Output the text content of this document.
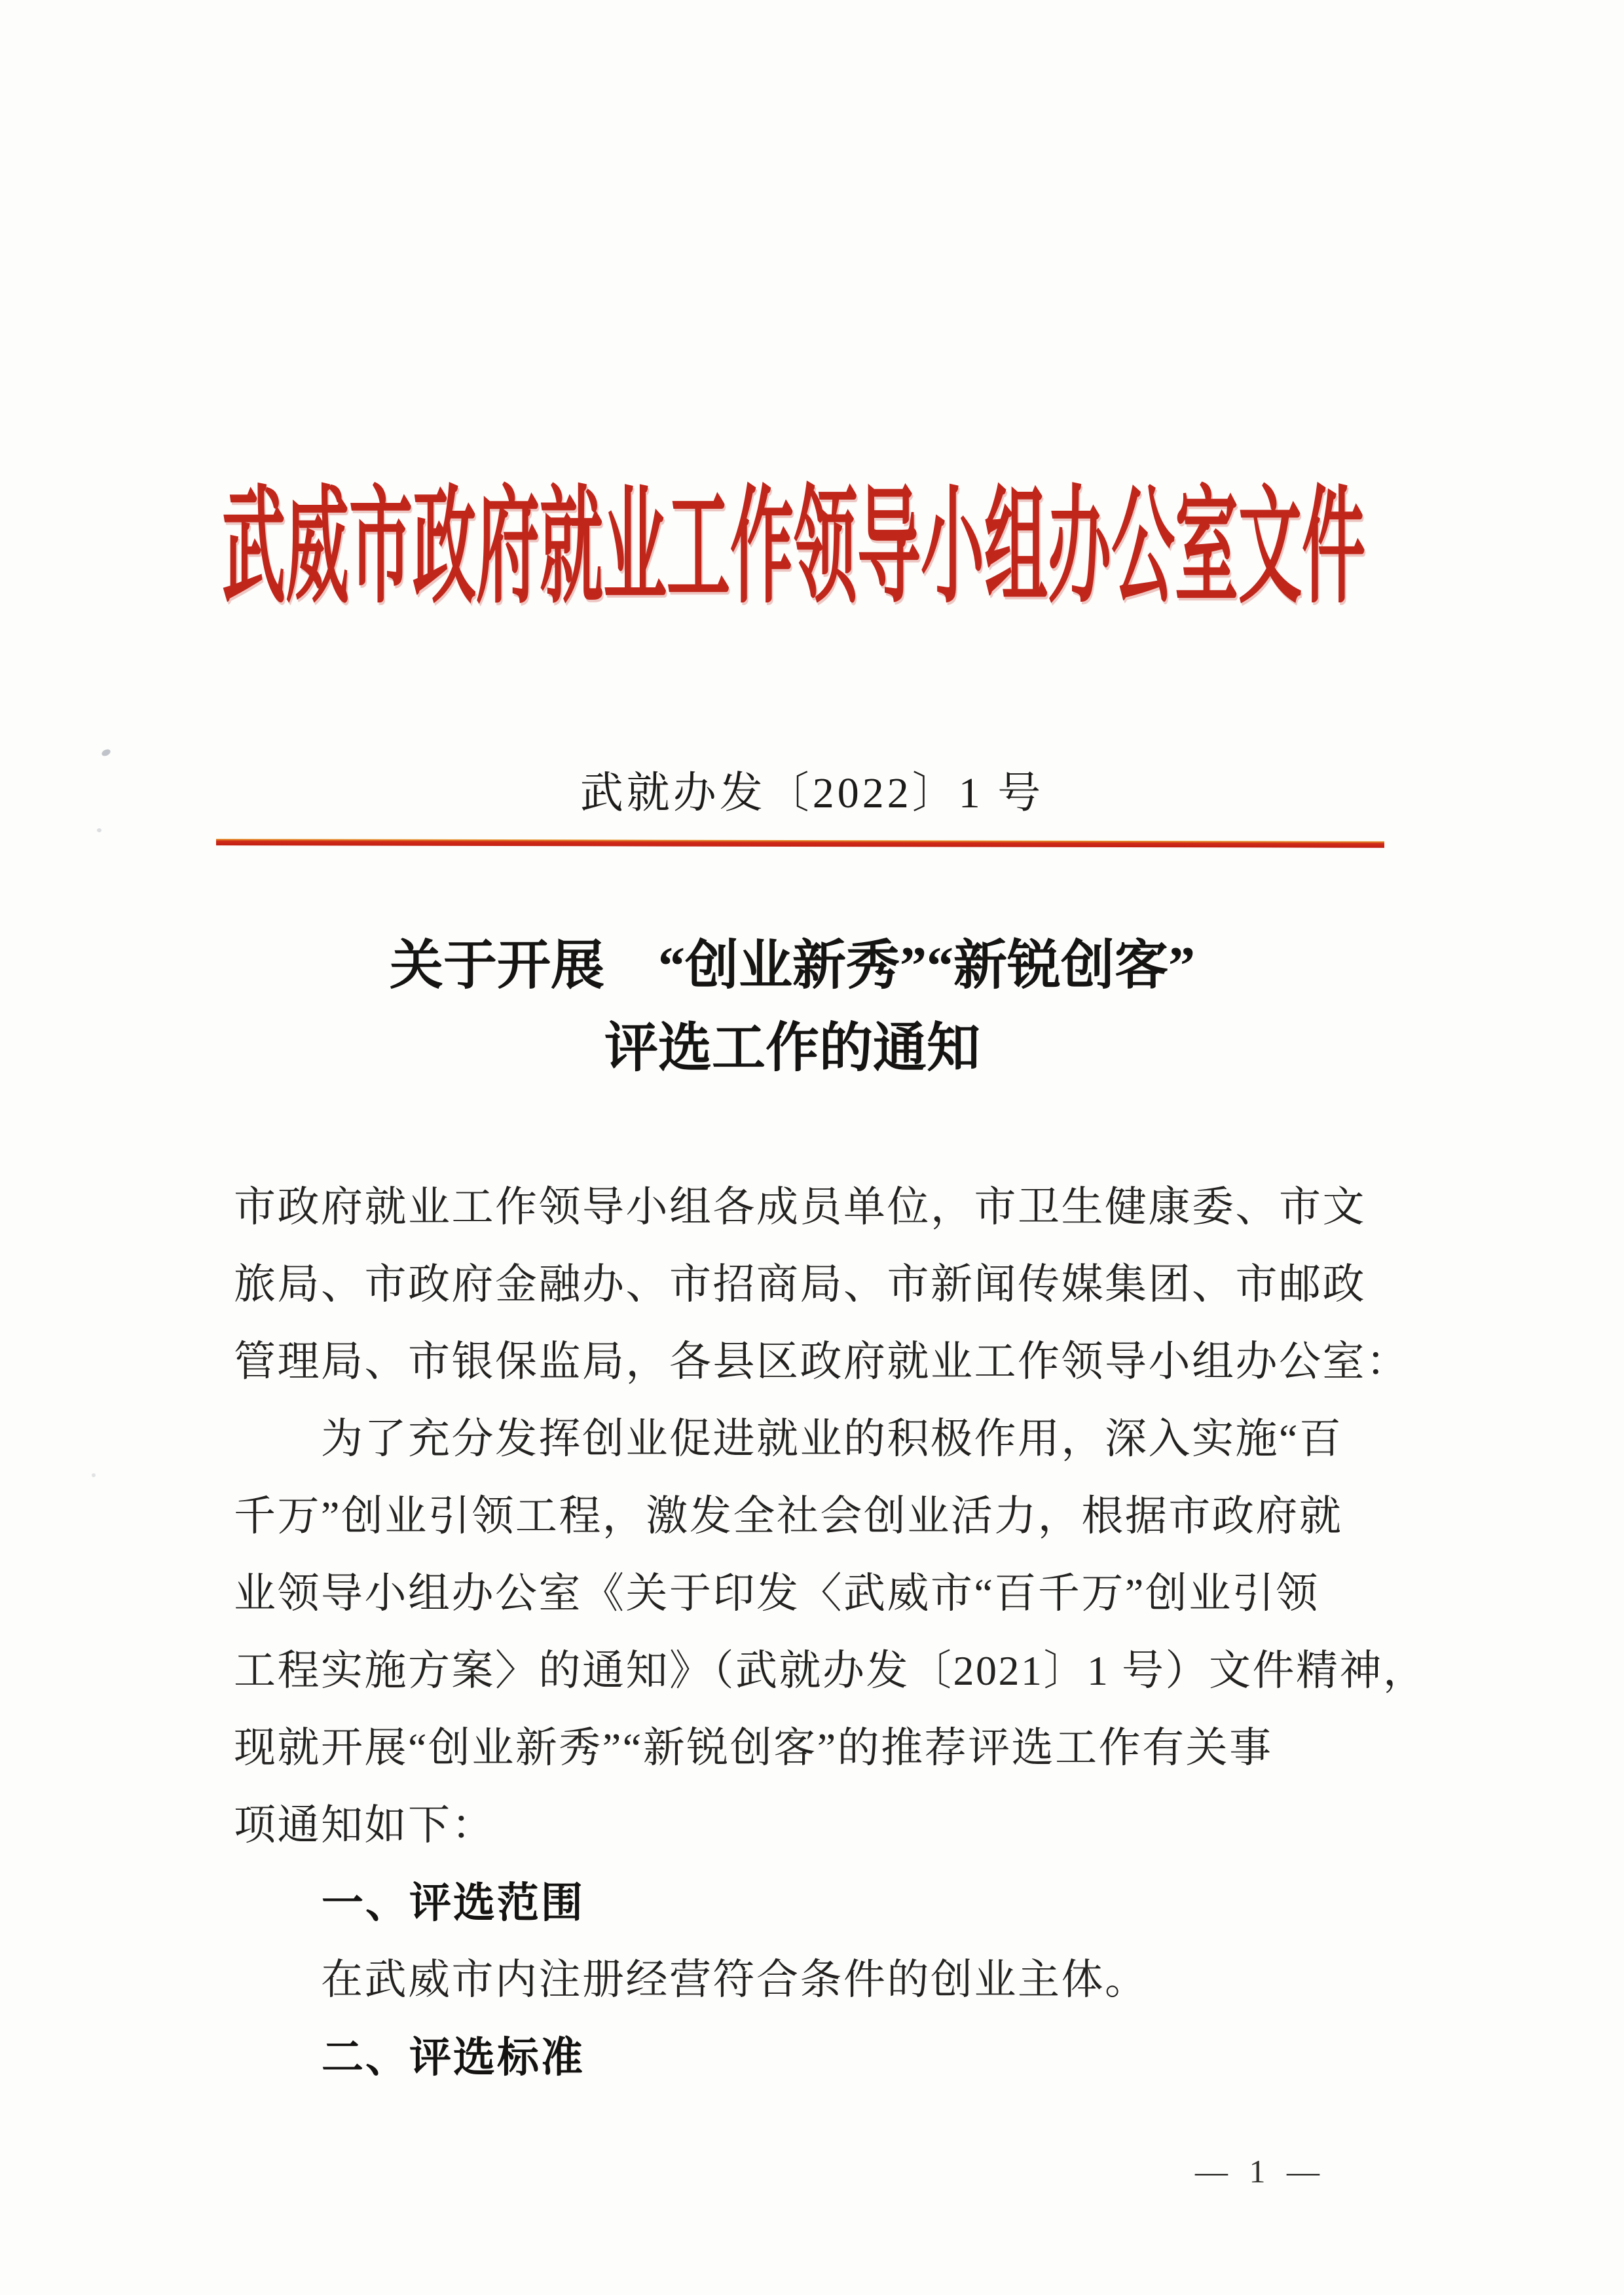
武威市政府就业工作领导小组办公室文件
武就办发〔2022〕1 号
关于开展　“创业新秀”“新锐创客”
评选工作的通知
市政府就业工作领导小组各成员单位，市卫生健康委、市文
旅局、市政府金融办、市招商局、市新闻传媒集团、市邮政
管理局、市银保监局，各县区政府就业工作领导小组办公室：
　　为了充分发挥创业促进就业的积极作用，深入实施“百
千万”创业引领工程，激发全社会创业活力，根据市政府就
业领导小组办公室《关于印发〈武威市“百千万”创业引领
工程实施方案〉的通知》（武就办发〔2021〕1 号）文件精神，
现就开展“创业新秀”“新锐创客”的推荐评选工作有关事
项通知如下：
　　一、评选范围
　　在武威市内注册经营符合条件的创业主体。
　　二、评选标准
— 1 —
